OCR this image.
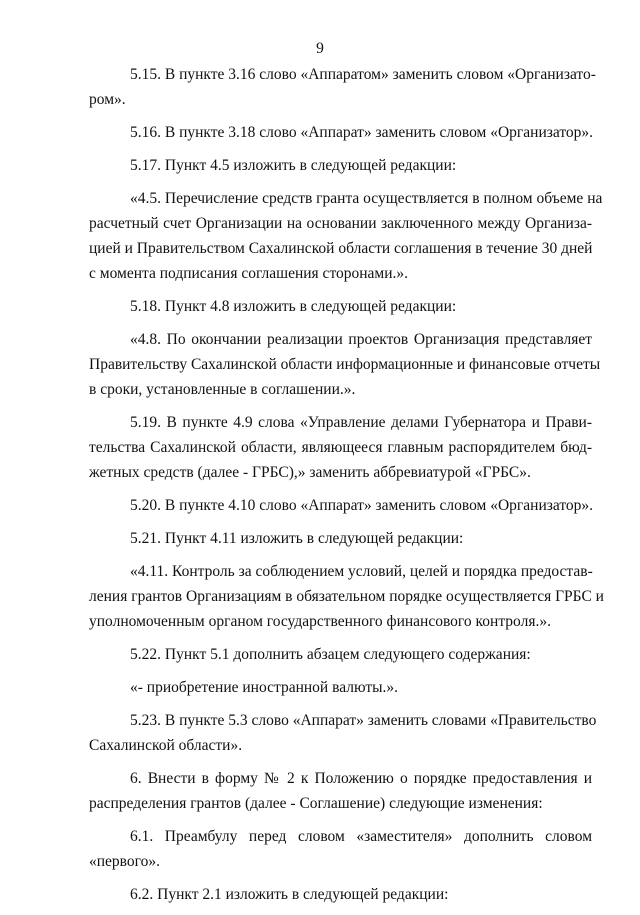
9

5.15. В пункте 3.16 слово «Аппаратом» заменить словом «Организато-
ром».

5.16. В пункте 3.18 слово «Аппарат» заменить словом «Организатор».

5.17. Пункт 4.5 изложить в следующей редакции:

«4.5. Перечисление средств гранта осуществляется в полном объеме на
расчетный счет Организации на основании заключенного между Организа-
цией и Правительством Сахалинской области соглашения в течение 30 дней
с момента подписания соглашения сторонами.».

5.18. Пункт 4.8 изложить в следующей редакции:

«4.8. По окончании реализации проектов Организация представляет
Правительству Сахалинской области информационные и финансовые отчеты
в сроки, установленные в соглашении.».

5.19. В пункте 4.9 слова «Управление делами Губернатора и Прави-
тельства Сахалинской области, являющееся главным распорядителем бюд-
жетных средств (далее - ГРБС),» заменить аббревиатурой «ГРБС».

5.20. В пункте 4.10 слово «Аппарат» заменить словом «Организатор».

5.21. Пункт 4.11 изложить в следующей редакции:

«4.11. Контроль за соблюдением условий, целей и порядка предостав-
ления грантов Организациям в обязательном порядке осуществляется ГРБС и
уполномоченным органом государственного финансового контроля.».

5.22. Пункт 5.1 дополнить абзацем следующего содержания:

«- приобретение иностранной валюты.».

5.23. В пункте 5.3 слово «Аппарат» заменить словами «Правительство
Сахалинской области».

6. Внести в форму № 2 к Положению о порядке предоставления и
распределения грантов (далее - Соглашение) следующие изменения:

6.1. Преамбулу перед словом «заместителя» дополнить словом
«первого».

6.2. Пункт 2.1 изложить в следующей редакции:
